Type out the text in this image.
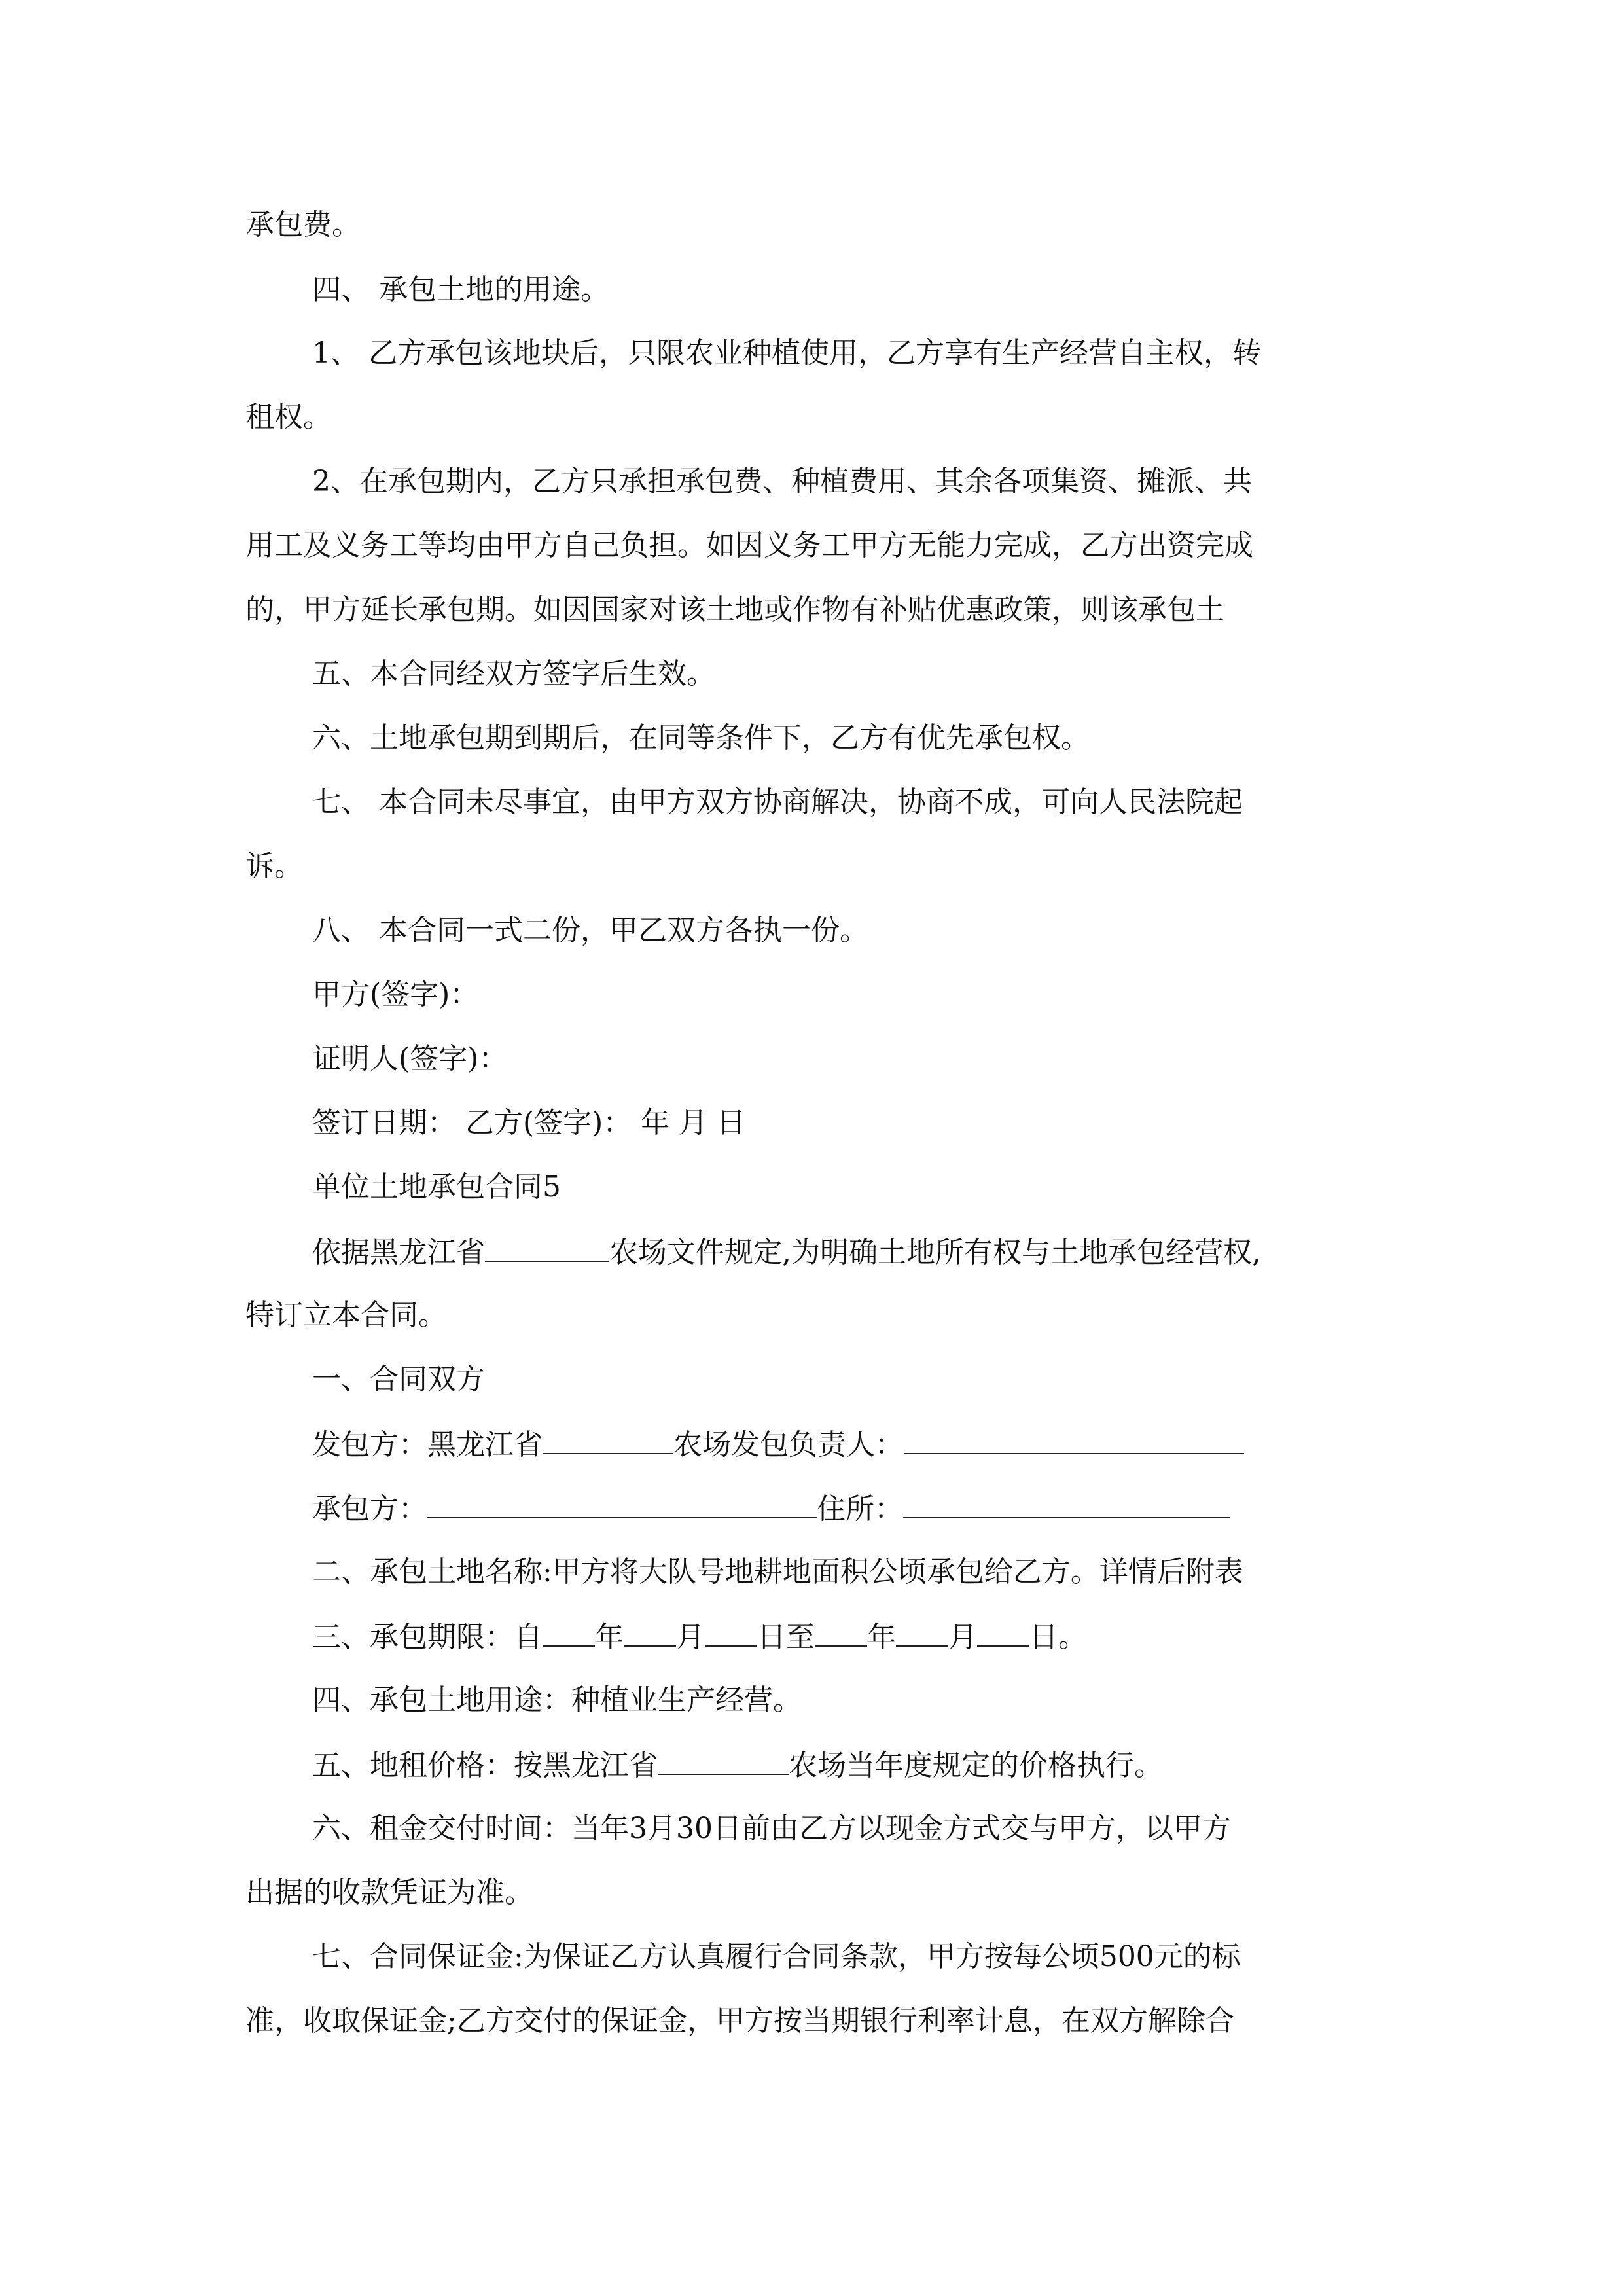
承包费。
四、 承包土地的用途。
1、 乙方承包该地块后，只限农业种植使用，乙方享有生产经营自主权，转
租权。
2、在承包期内，乙方只承担承包费、种植费用、其余各项集资、摊派、共
用工及义务工等均由甲方自己负担。如因义务工甲方无能力完成，乙方出资完成
的，甲方延长承包期。如因国家对该土地或作物有补贴优惠政策，则该承包土
五、本合同经双方签字后生效。
六、土地承包期到期后，在同等条件下，乙方有优先承包权。
七、 本合同未尽事宜，由甲方双方协商解决，协商不成，可向人民法院起
诉。
八、 本合同一式二份，甲乙双方各执一份。
甲方(签字)：
证明人(签字)：
签订日期： 乙方(签字)： 年 月 日
单位土地承包合同5
依据黑龙江省	农场文件规定,为明确土地所有权与土地承包经营权,
特订立本合同。
一、合同双方
发包方：黑龙江省	农场发包负责人：
承包方：	住所：
二、承包土地名称:甲方将大队号地耕地面积公顷承包给乙方。详情后附表
三、承包期限：自 年 月 日至 年 月 日。
四、承包土地用途：种植业生产经营。
五、地租价格：按黑龙江省	农场当年度规定的价格执行。
六、租金交付时间：当年3月30日前由乙方以现金方式交与甲方，以甲方
出据的收款凭证为准。
七、合同保证金:为保证乙方认真履行合同条款，甲方按每公顷500元的标
准，收取保证金;乙方交付的保证金，甲方按当期银行利率计息，在双方解除合
